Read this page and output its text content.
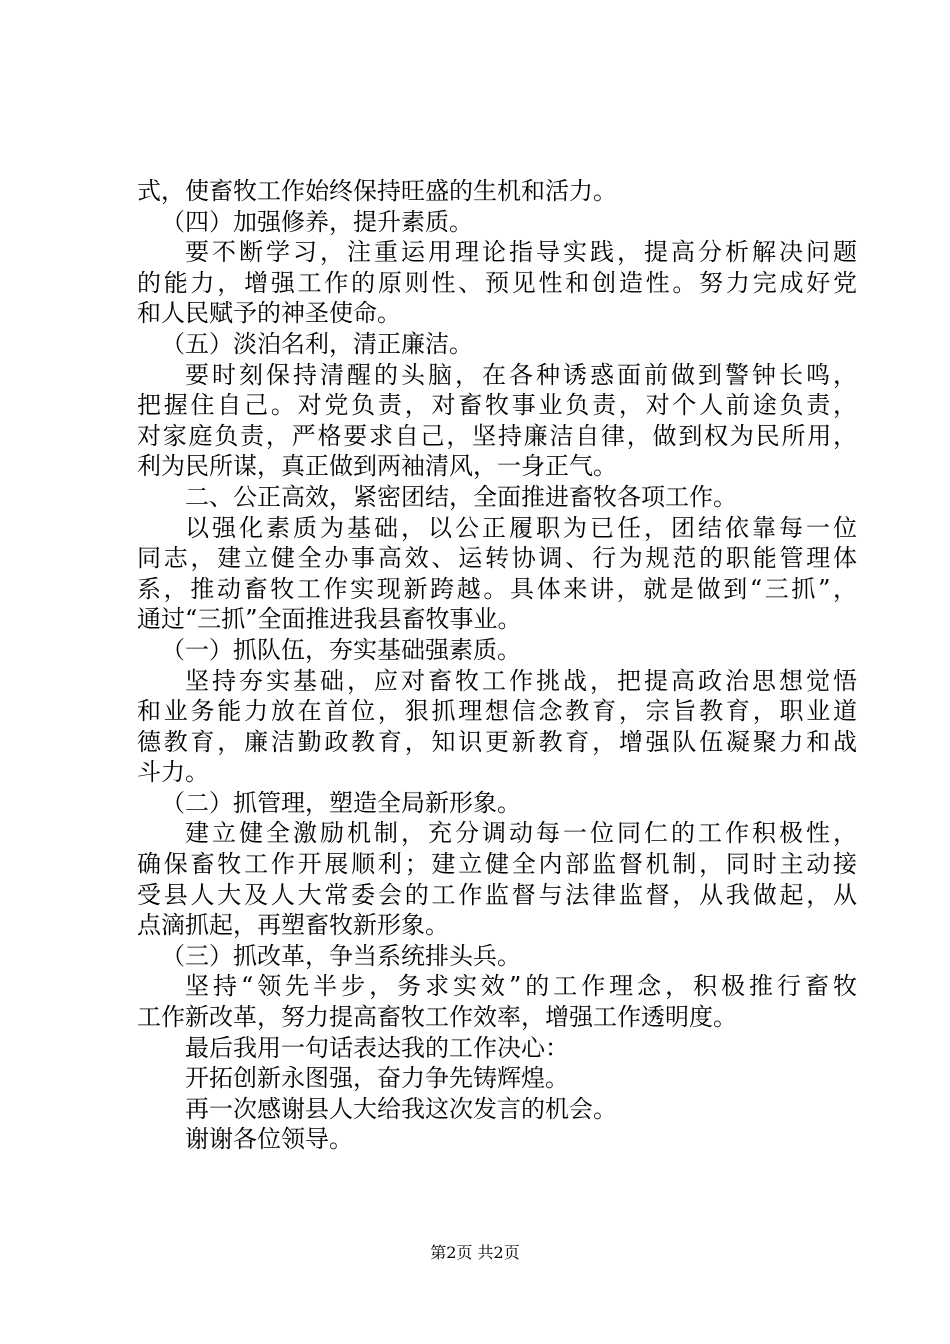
式，使畜牧工作始终保持旺盛的生机和活力。
（四）加强修养，提升素质。
要不断学习，注重运用理论指导实践，提高分析解决问题
的能力，增强工作的原则性、预见性和创造性。努力完成好党
和人民赋予的神圣使命。
（五）淡泊名利，清正廉洁。
要时刻保持清醒的头脑，在各种诱惑面前做到警钟长鸣，
把握住自己。对党负责，对畜牧事业负责，对个人前途负责，
对家庭负责，严格要求自己，坚持廉洁自律，做到权为民所用，
利为民所谋，真正做到两袖清风，一身正气。
二、公正高效，紧密团结，全面推进畜牧各项工作。
以强化素质为基础，以公正履职为已任，团结依靠每一位
同志，建立健全办事高效、运转协调、行为规范的职能管理体
系，推动畜牧工作实现新跨越。具体来讲，就是做到“三抓”，
通过“三抓”全面推进我县畜牧事业。
（一）抓队伍，夯实基础强素质。
坚持夯实基础，应对畜牧工作挑战，把提高政治思想觉悟
和业务能力放在首位，狠抓理想信念教育，宗旨教育，职业道
德教育，廉洁勤政教育，知识更新教育，增强队伍凝聚力和战
斗力。
（二）抓管理，塑造全局新形象。
建立健全激励机制，充分调动每一位同仁的工作积极性，
确保畜牧工作开展顺利；建立健全内部监督机制，同时主动接
受县人大及人大常委会的工作监督与法律监督，从我做起，从
点滴抓起，再塑畜牧新形象。
（三）抓改革，争当系统排头兵。
坚持“领先半步，务求实效”的工作理念，积极推行畜牧
工作新改革，努力提高畜牧工作效率，增强工作透明度。
最后我用一句话表达我的工作决心：
开拓创新永图强，奋力争先铸辉煌。
再一次感谢县人大给我这次发言的机会。
谢谢各位领导。
第2页 共2页
